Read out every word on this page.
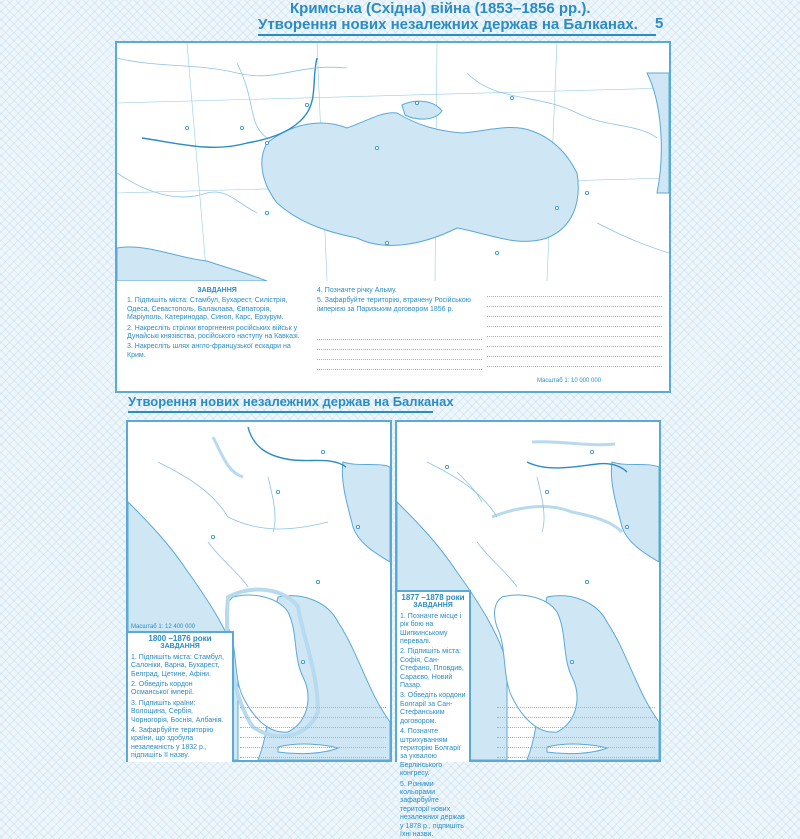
Кримська (Східна) війна (1853–1856 рр.).
Утворення нових незалежних держав на Балканах. 5
ЗАВДАННЯ
1. Підпишіть міста: Стамбул, Бухарест, Силістрія, Одеса, Севастополь, Балаклава, Євпаторія, Маріуполь, Катеринодар, Синоп, Карс, Ерзурум.
2. Накресліть стрілки вторгнення російських військ у Дунайські князівства, російського наступу на Кавказі.
3. Накресліть шлях англо-французької ескадри на Крим.
4. Позначте річку Альму.
5. Зафарбуйте територію, втрачену Російською імперією за Паризьким договором 1856 р.
Масштаб 1: 10 000 000
Утворення нових незалежних держав на Балканах
Масштаб 1: 12 400 000
1800 –1876 роки
ЗАВДАННЯ
1. Підпишіть міста: Стамбул, Салоніки, Варна, Бухарест, Белград, Цетине, Афіни.
2. Обведіть кордон Османської імперії.
3. Підпишіть країни: Волощина, Сербія, Чорногорія, Боснія, Албанія.
4. Зафарбуйте територію країни, що здобула незалежність у 1832 р., підпишіть її назву.
1877 –1878 роки
ЗАВДАННЯ
1. Позначте місце і рік бою на Шипкинському перевалі.
2. Підпишіть міста: Софія, Сан-Стефано, Пловдив, Сараєво, Новий Пазар.
3. Обведіть кордони Болгарії за Сан-Стефанським договором.
4. Позначте штрихуванням територію Болгарії за ухвалою Берлінського конгресу.
5. Різними кольорами зафарбуйте території нових незалежних держав у 1878 р., підпишіть їхні назви.
